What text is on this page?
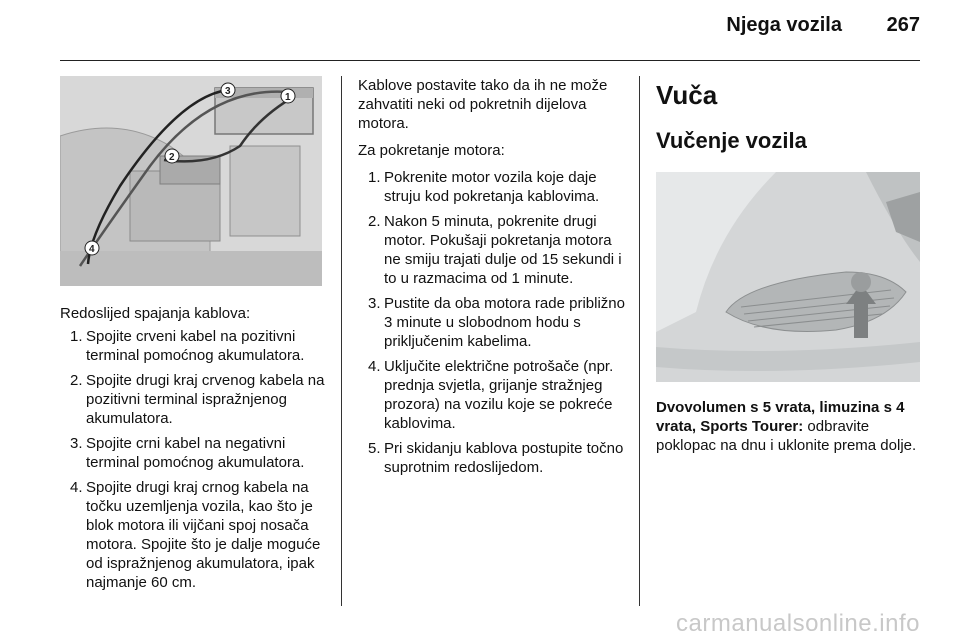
Njega vozila 267
1
2
3
4

Redoslijed spajanja kablova:

1. Spojite crveni kabel na pozitivni terminal pomoćnog akumulatora.
2. Spojite drugi kraj crvenog kabela na pozitivni terminal ispražnjenog akumulatora.
3. Spojite crni kabel na negativni terminal pomoćnog akumulatora.
4. Spojite drugi kraj crnog kabela na točku uzemljenja vozila, kao što je blok motora ili vijčani spoj nosača motora. Spojite što je dalje moguće od ispražnjenog akumulatora, ipak najmanje 60 cm.

Kablove postavite tako da ih ne može zahvatiti neki od pokretnih dijelova motora.

Za pokretanje motora:

1. Pokrenite motor vozila koje daje struju kod pokretanja kablovima.
2. Nakon 5 minuta, pokrenite drugi motor. Pokušaji pokretanja motora ne smiju trajati dulje od 15 sekundi i to u razmacima od 1 minute.
3. Pustite da oba motora rade približno 3 minute u slobodnom hodu s priključenim kabelima.
4. Uključite električne potrošače (npr. prednja svjetla, grijanje stražnjeg prozora) na vozilu koje se pokreće kablovima.
5. Pri skidanju kablova postupite točno suprotnim redoslijedom.
Vuča
Vučenje vozila

Dvovolumen s 5 vrata, limuzina s 4 vrata, Sports Tourer: odbravite poklopac na dnu i uklonite prema dolje.

carmanualsonline.info
